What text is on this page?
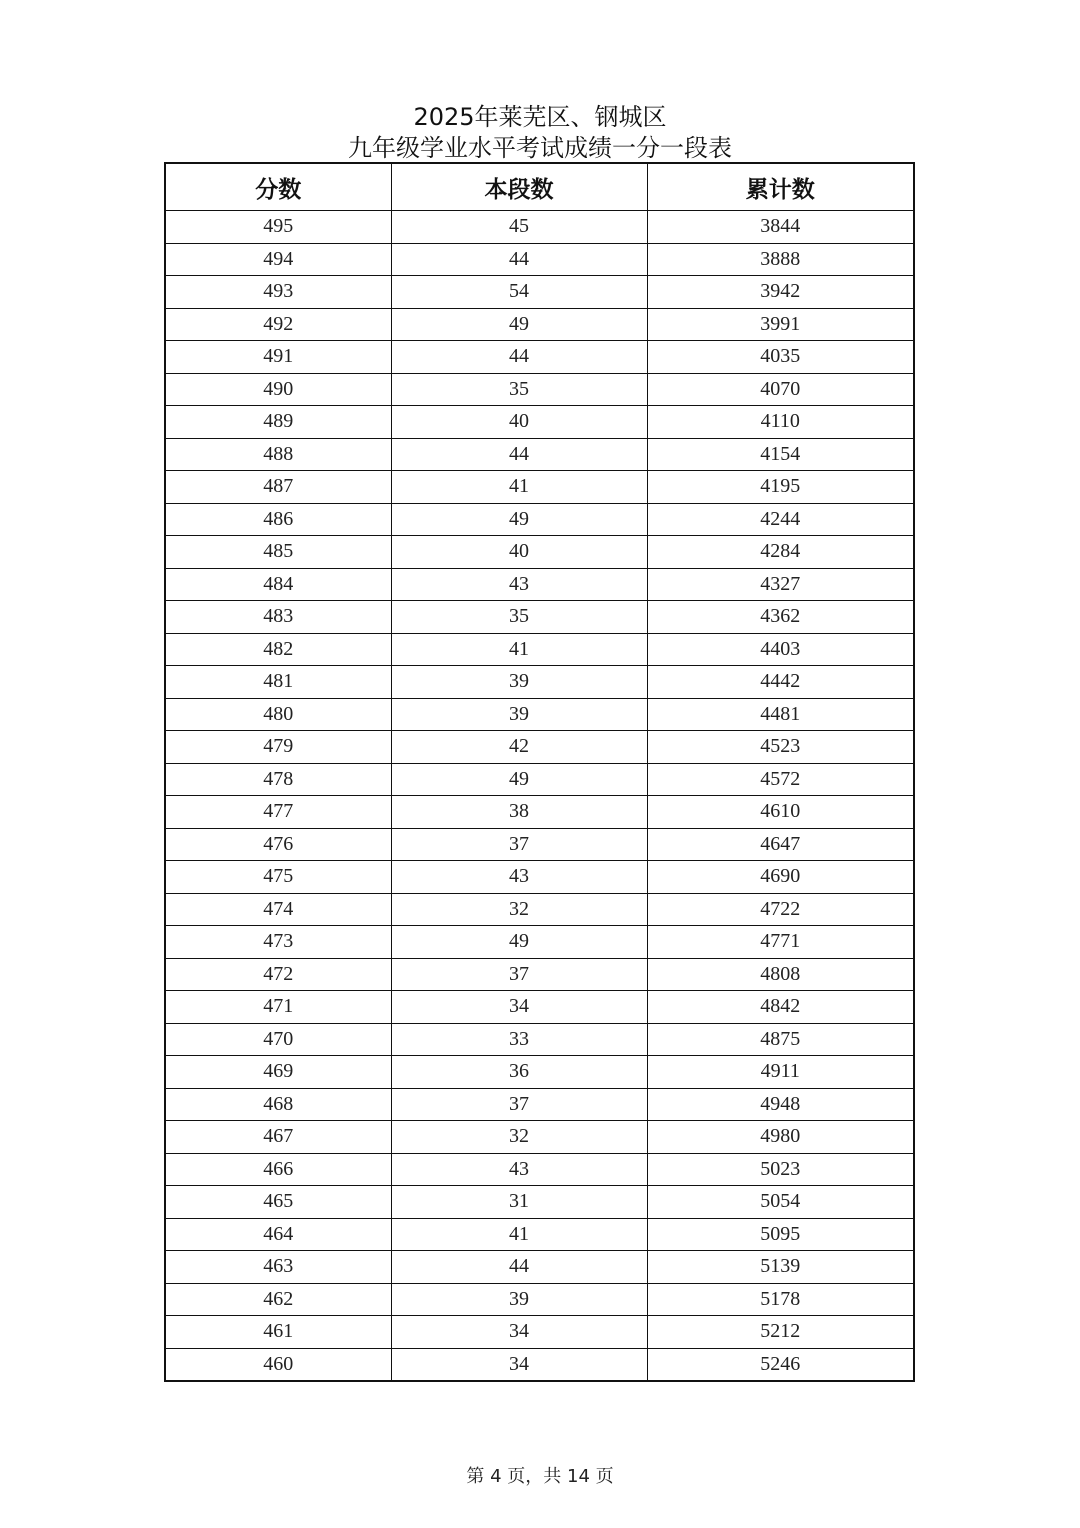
2025年莱芜区、钢城区
九年级学业水平考试成绩一分一段表
分数	本段数	累计数
495	45	3844
494	44	3888
493	54	3942
492	49	3991
491	44	4035
490	35	4070
489	40	4110
488	44	4154
487	41	4195
486	49	4244
485	40	4284
484	43	4327
483	35	4362
482	41	4403
481	39	4442
480	39	4481
479	42	4523
478	49	4572
477	38	4610
476	37	4647
475	43	4690
474	32	4722
473	49	4771
472	37	4808
471	34	4842
470	33	4875
469	36	4911
468	37	4948
467	32	4980
466	43	5023
465	31	5054
464	41	5095
463	44	5139
462	39	5178
461	34	5212
460	34	5246
第 4 页，共 14 页
